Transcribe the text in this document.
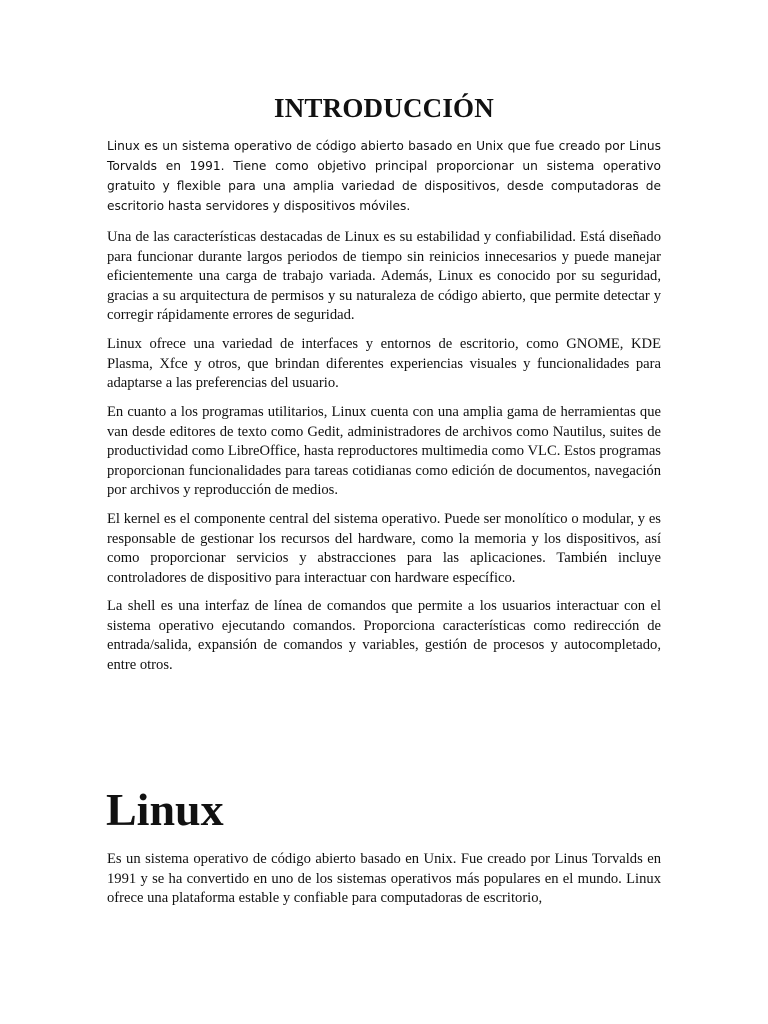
INTRODUCCIÓN

Linux es un sistema operativo de código abierto basado en Unix que fue creado por Linus Torvalds en 1991. Tiene como objetivo principal proporcionar un sistema operativo gratuito y flexible para una amplia variedad de dispositivos, desde computadoras de escritorio hasta servidores y dispositivos móviles.

Una de las características destacadas de Linux es su estabilidad y confiabilidad. Está diseñado para funcionar durante largos periodos de tiempo sin reinicios innecesarios y puede manejar eficientemente una carga de trabajo variada. Además, Linux es conocido por su seguridad, gracias a su arquitectura de permisos y su naturaleza de código abierto, que permite detectar y corregir rápidamente errores de seguridad.

Linux ofrece una variedad de interfaces y entornos de escritorio, como GNOME, KDE Plasma, Xfce y otros, que brindan diferentes experiencias visuales y funcionalidades para adaptarse a las preferencias del usuario.

En cuanto a los programas utilitarios, Linux cuenta con una amplia gama de herramientas que van desde editores de texto como Gedit, administradores de archivos como Nautilus, suites de productividad como LibreOffice, hasta reproductores multimedia como VLC. Estos programas proporcionan funcionalidades para tareas cotidianas como edición de documentos, navegación por archivos y reproducción de medios.

El kernel es el componente central del sistema operativo. Puede ser monolítico o modular, y es responsable de gestionar los recursos del hardware, como la memoria y los dispositivos, así como proporcionar servicios y abstracciones para las aplicaciones. También incluye controladores de dispositivo para interactuar con hardware específico.

La shell es una interfaz de línea de comandos que permite a los usuarios interactuar con el sistema operativo ejecutando comandos. Proporciona características como redirección de entrada/salida, expansión de comandos y variables, gestión de procesos y autocompletado, entre otros.

Linux

Es un sistema operativo de código abierto basado en Unix. Fue creado por Linus Torvalds en 1991 y se ha convertido en uno de los sistemas operativos más populares en el mundo. Linux ofrece una plataforma estable y confiable para computadoras de escritorio,
